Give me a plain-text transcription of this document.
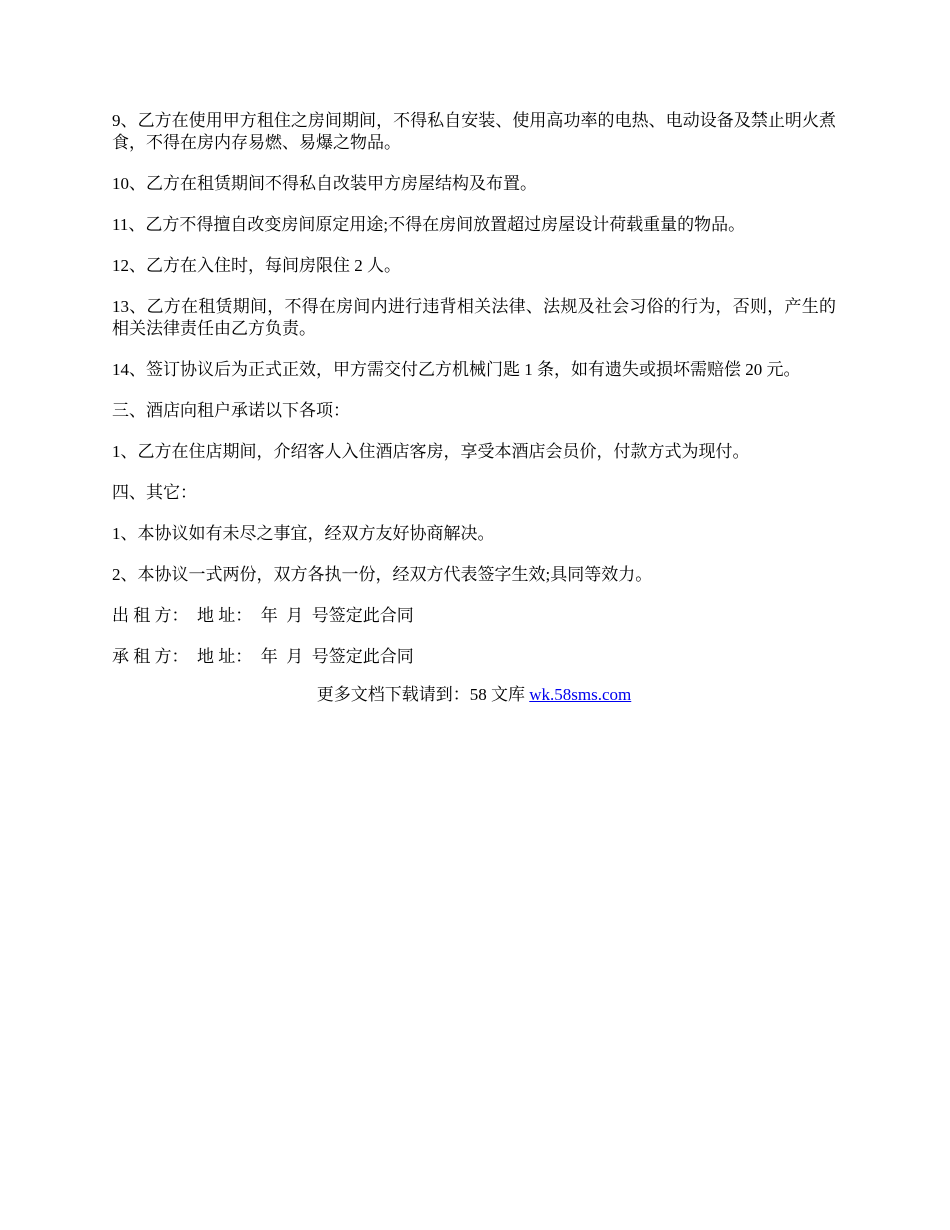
9、乙方在使用甲方租住之房间期间，不得私自安装、使用高功率的电热、电动设备及禁止明火煮食，不得在房内存易燃、易爆之物品。

10、乙方在租赁期间不得私自改装甲方房屋结构及布置。

11、乙方不得擅自改变房间原定用途;不得在房间放置超过房屋设计荷载重量的物品。

12、乙方在入住时，每间房限住 2 人。

13、乙方在租赁期间，不得在房间内进行违背相关法律、法规及社会习俗的行为，否则，产生的相关法律责任由乙方负责。

14、签订协议后为正式正效，甲方需交付乙方机械门匙 1 条，如有遗失或损坏需赔偿 20 元。

三、酒店向租户承诺以下各项：

1、乙方在住店期间，介绍客人入住酒店客房，享受本酒店会员价，付款方式为现付。

四、其它：

1、本协议如有未尽之事宜，经双方友好协商解决。

2、本协议一式两份，双方各执一份，经双方代表签字生效;具同等效力。

出 租 方：  地 址：  年  月  号签定此合同

承 租 方：  地 址：  年  月  号签定此合同

更多文档下载请到：58 文库 wk.58sms.com
